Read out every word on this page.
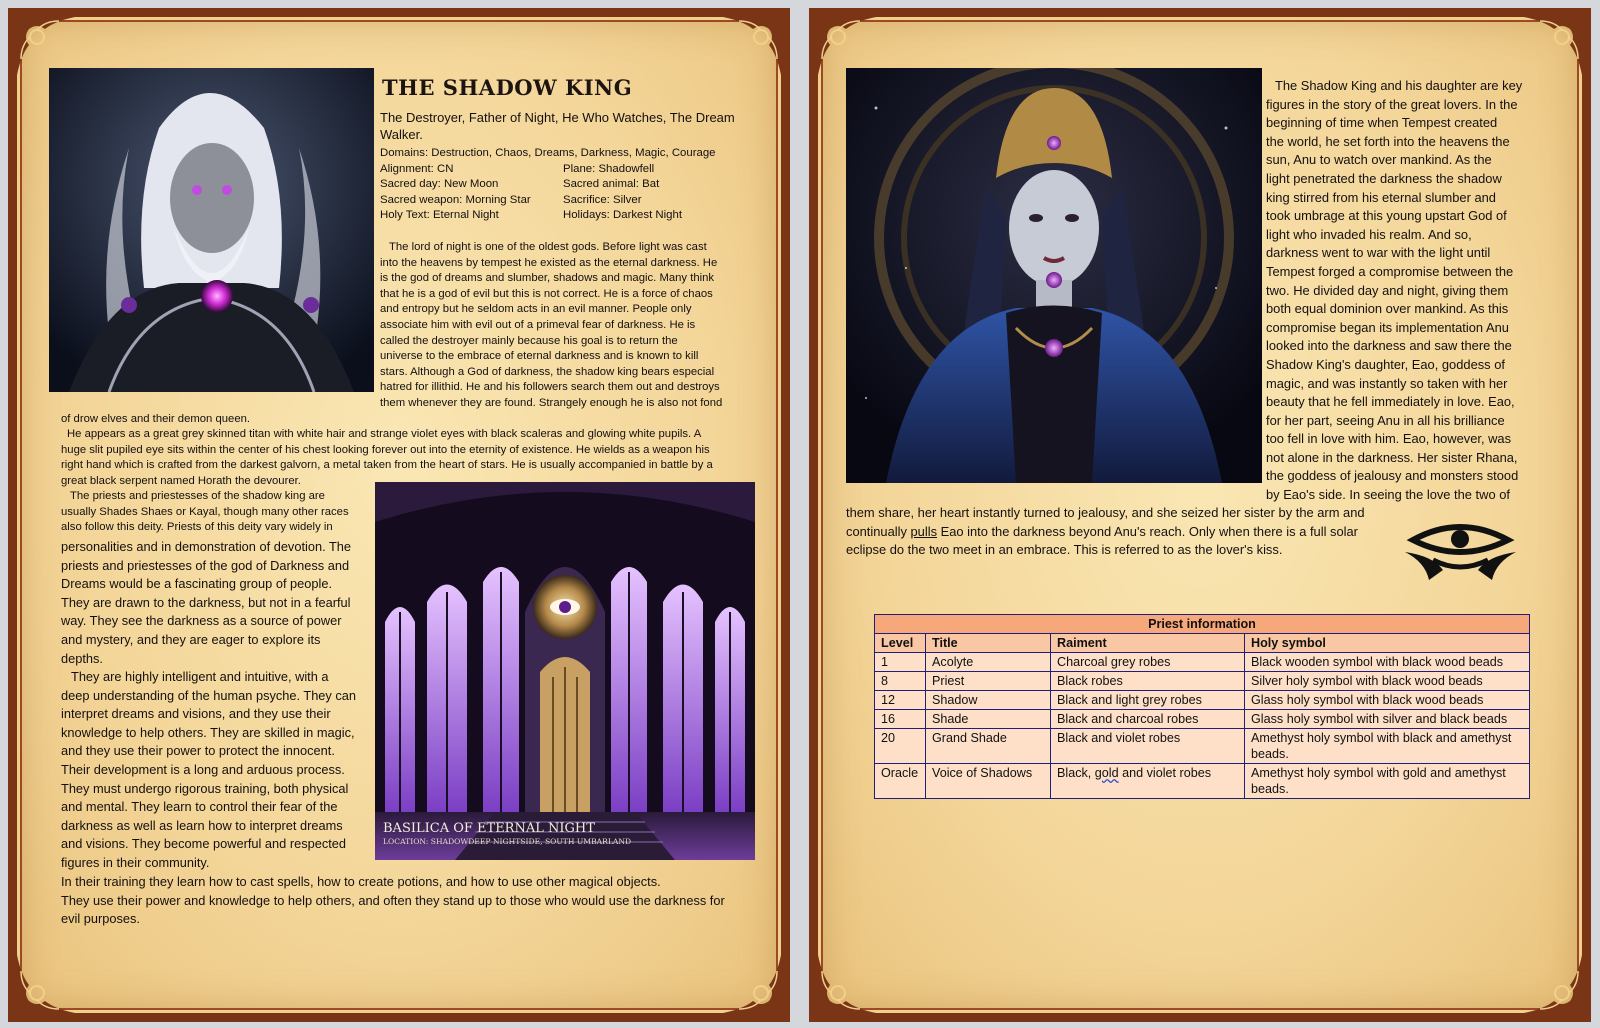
THE SHADOW KING
The Destroyer, Father of Night, He Who Watches, The Dream Walker.
Domains: Destruction, Chaos, Dreams, Darkness, Magic, Courage
Alignment: CN	Plane: Shadowfell
Sacred day: New Moon	Sacred animal: Bat
Sacred weapon: Morning Star	Sacrifice: Silver
Holy Text: Eternal Night	Holidays: Darkest Night
The lord of night is one of the oldest gods. Before light was cast
into the heavens by tempest he existed as the eternal darkness. He
is the god of dreams and slumber, shadows and magic. Many think
that he is a god of evil but this is not correct. He is a force of chaos
and entropy but he seldom acts in an evil manner. People only
associate him with evil out of a primeval fear of darkness. He is
called the destroyer mainly because his goal is to return the
universe to the embrace of eternal darkness and is known to kill
stars. Although a God of darkness, the shadow king bears especial
hatred for illithid. He and his followers search them out and destroys
them whenever they are found. Strangely enough he is also not fond
of drow elves and their demon queen.
He appears as a great grey skinned titan with white hair and strange violet eyes with black scaleras and glowing white pupils. A
huge slit pupiled eye sits within the center of his chest looking forever out into the eternity of existence. He wields as a weapon his
right hand which is crafted from the darkest galvorn, a metal taken from the heart of stars. He is usually accompanied in battle by a
great black serpent named Horath the devourer.
The priests and priestesses of the shadow king are
usually Shades Shaes or Kayal, though many other races
also follow this deity. Priests of this deity vary widely in
personalities and in demonstration of devotion. The
priests and priestesses of the god of Darkness and
Dreams would be a fascinating group of people.
They are drawn to the darkness, but not in a fearful
way. They see the darkness as a source of power
and mystery, and they are eager to explore its
depths.
They are highly intelligent and intuitive, with a
deep understanding of the human psyche. They can
interpret dreams and visions, and they use their
knowledge to help others. They are skilled in magic,
and they use their power to protect the innocent.
Their development is a long and arduous process.
They must undergo rigorous training, both physical
and mental. They learn to control their fear of the
darkness as well as learn how to interpret dreams
and visions. They become powerful and respected
figures in their community.
In their training they learn how to cast spells, how to create potions, and how to use other magical objects.
They use their power and knowledge to help others, and often they stand up to those who would use the darkness for
evil purposes.
BASILICA OF ETERNAL NIGHT
LOCATION: SHADOWDEEP NIGHTSIDE, SOUTH UMBARLAND
The Shadow King and his daughter are key
figures in the story of the great lovers. In the
beginning of time when Tempest created
the world, he set forth into the heavens the
sun, Anu to watch over mankind. As the
light penetrated the darkness the shadow
king stirred from his eternal slumber and
took umbrage at this young upstart God of
light who invaded his realm. And so,
darkness went to war with the light until
Tempest forged a compromise between the
two. He divided day and night, giving them
both equal dominion over mankind. As this
compromise began its implementation Anu
looked into the darkness and saw there the
Shadow King's daughter, Eao, goddess of
magic, and was instantly so taken with her
beauty that he fell immediately in love. Eao,
for her part, seeing Anu in all his brilliance
too fell in love with him. Eao, however, was
not alone in the darkness. Her sister Rhana,
the goddess of jealousy and monsters stood
by Eao's side. In seeing the love the two of
them share, her heart instantly turned to jealousy, and she seized her sister by the arm and
continually pulls Eao into the darkness beyond Anu's reach. Only when there is a full solar
eclipse do the two meet in an embrace. This is referred to as the lover's kiss.
Priest information			
Level	Title	Raiment	Holy symbol
1	Acolyte	Charcoal grey robes	Black wooden symbol with black wood beads
8	Priest	Black robes	Silver holy symbol with black wood beads
12	Shadow	Black and light grey robes	Glass holy symbol with black wood beads
16	Shade	Black and charcoal robes	Glass holy symbol with silver and black beads
20	Grand Shade	Black and violet robes	Amethyst holy symbol with black and amethyst beads.
Oracle	Voice of Shadows	Black, gold and violet robes	Amethyst holy symbol with gold and amethyst beads.
